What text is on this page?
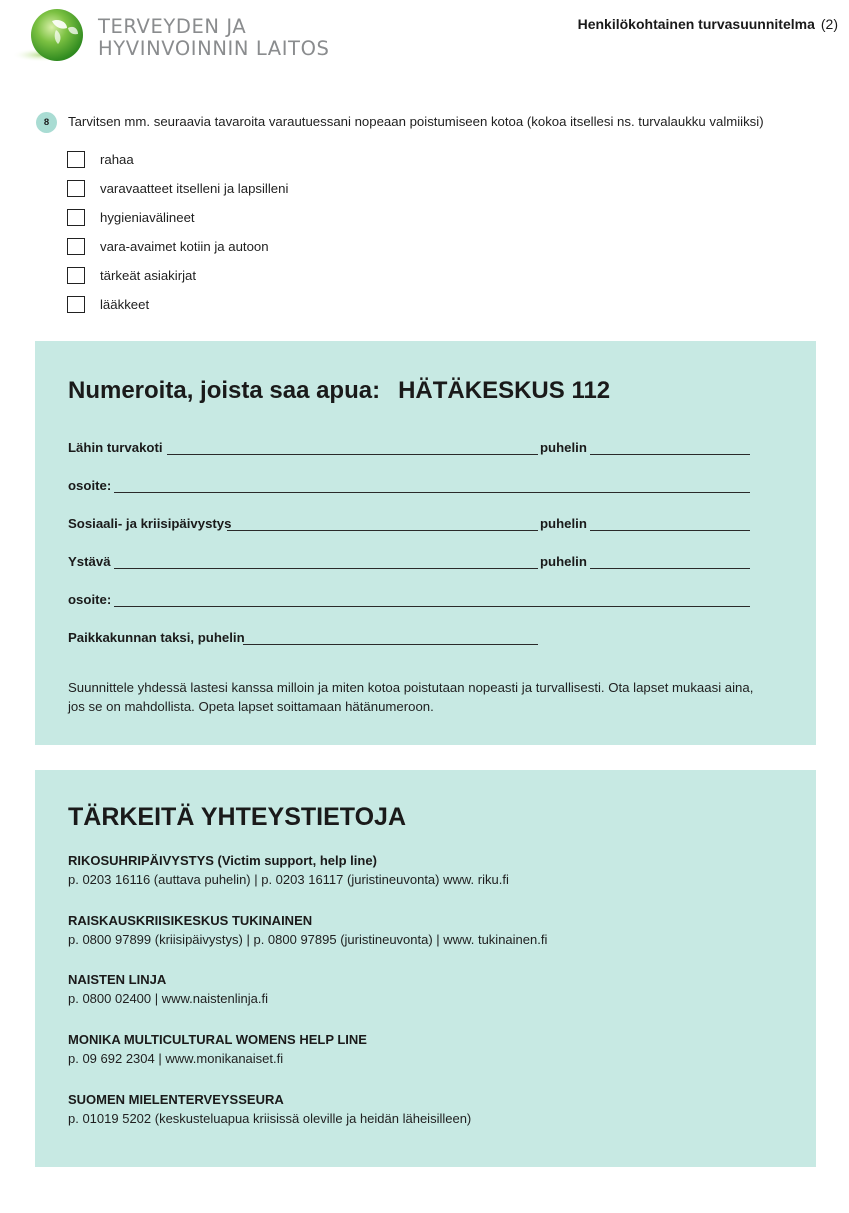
TERVEYDEN JA
HYVINVOINNIN LAITOS
Henkilökohtainen turvasuunnitelma (2)
8	Tarvitsen mm. seuraavia tavaroita varautuessani nopeaan poistumiseen kotoa (kokoa itsellesi ns. turvalaukku valmiiksi)
rahaa
varavaatteet itselleni ja lapsilleni
hygieniavälineet
vara-avaimet kotiin ja autoon
tärkeät asiakirjat
lääkkeet
Numeroita, joista saa apua: HÄTÄKESKUS 112
Lähin turvakoti	puhelin
osoite:
Sosiaali- ja kriisipäivystys	puhelin
Ystävä	puhelin
osoite:
Paikkakunnan taksi, puhelin

Suunnittele yhdessä lastesi kanssa milloin ja miten kotoa poistutaan nopeasti ja turvallisesti. Ota lapset mukaasi aina, jos se on mahdollista. Opeta lapset soittamaan hätänumeroon.

TÄRKEITÄ YHTEYSTIETOJA
RIKOSUHRIPÄIVYSTYS (Victim support, help line)
p. 0203 16116 (auttava puhelin) | p. 0203 16117 (juristineuvonta) www. riku.fi
RAISKAUSKRIISIKESKUS TUKINAINEN
p. 0800 97899 (kriisipäivystys) | p. 0800 97895 (juristineuvonta) | www. tukinainen.fi
NAISTEN LINJA
p. 0800 02400 | www.naistenlinja.fi
MONIKA MULTICULTURAL WOMENS HELP LINE
p. 09 692 2304 | www.monikanaiset.fi
SUOMEN MIELENTERVEYSSEURA
p. 01019 5202 (keskusteluapua kriisissä oleville ja heidän läheisilleen)
